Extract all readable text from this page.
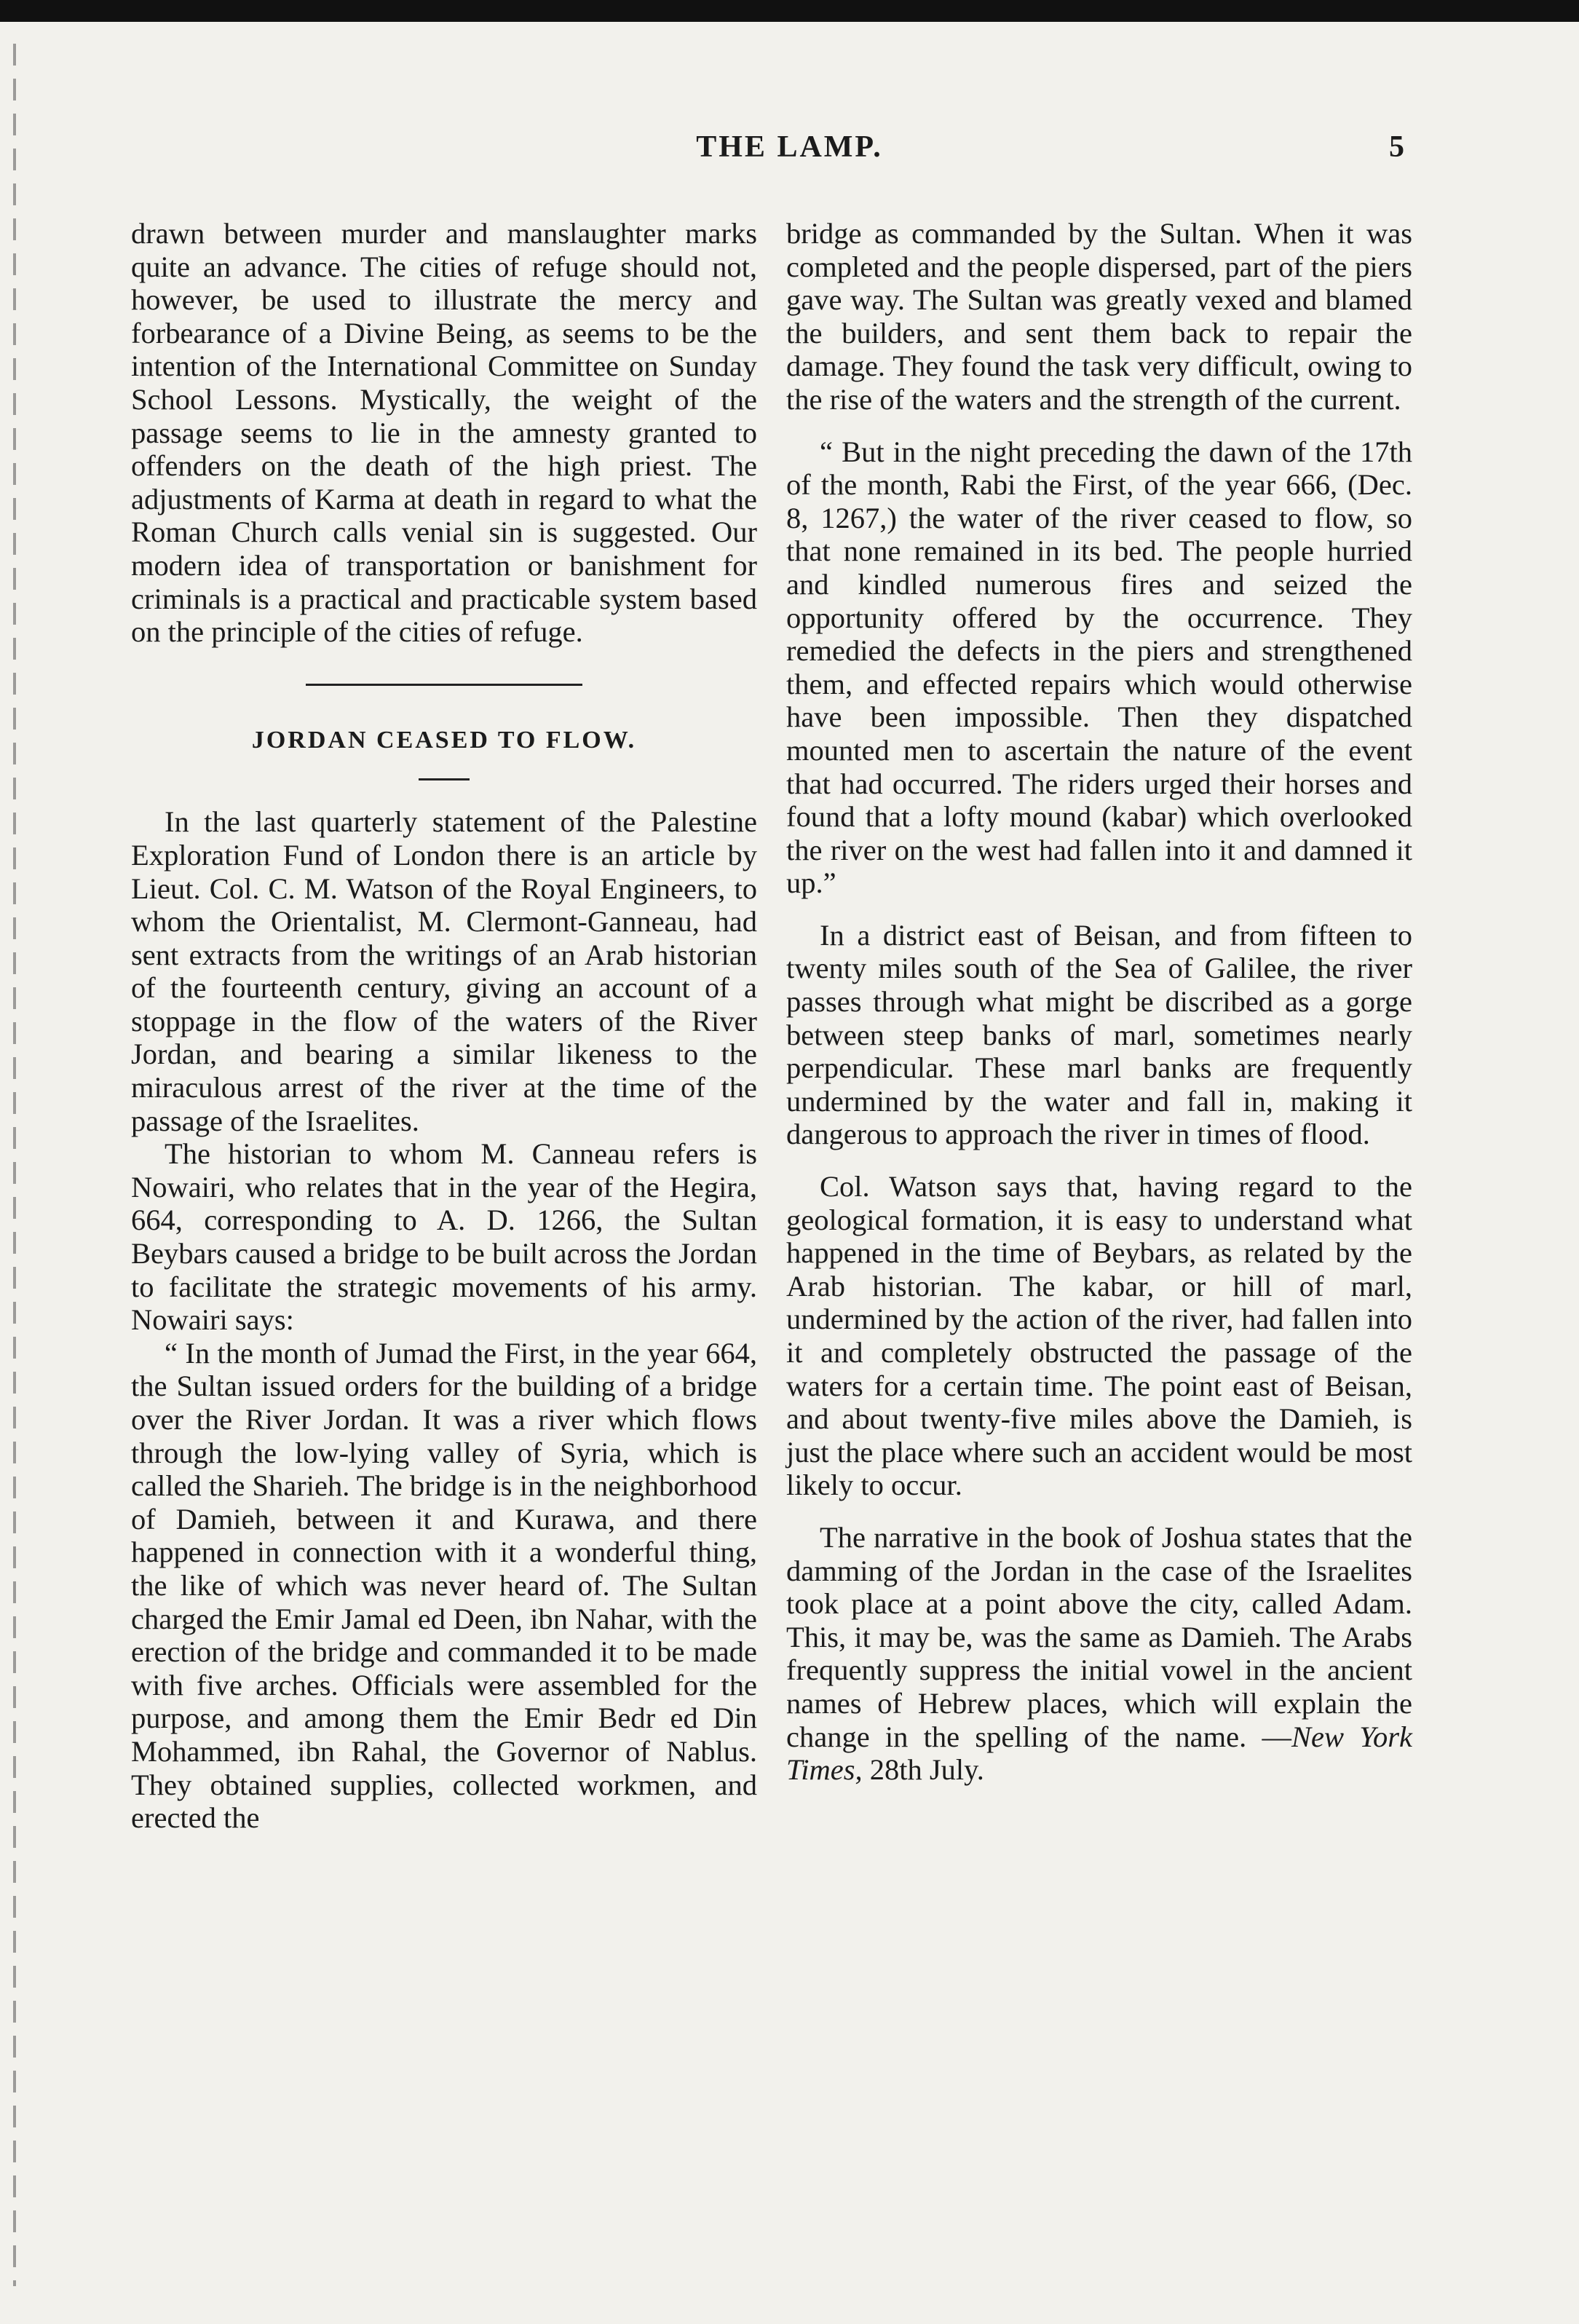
THE LAMP.	5

drawn between murder and manslaughter marks quite an advance. The cities of refuge should not, however, be used to illustrate the mercy and forbearance of a Divine Being, as seems to be the intention of the International Committee on Sunday School Lessons. Mystically, the weight of the passage seems to lie in the amnesty granted to offenders on the death of the high priest. The adjustments of Karma at death in regard to what the Roman Church calls venial sin is suggested. Our modern idea of transportation or banishment for criminals is a practical and practicable system based on the principle of the cities of refuge.

JORDAN CEASED TO FLOW.

In the last quarterly statement of the Palestine Exploration Fund of London there is an article by Lieut. Col. C. M. Watson of the Royal Engineers, to whom the Orientalist, M. Clermont-Ganneau, had sent extracts from the writings of an Arab historian of the fourteenth century, giving an account of a stoppage in the flow of the waters of the River Jordan, and bearing a similar likeness to the miraculous arrest of the river at the time of the passage of the Israelites.

The historian to whom M. Canneau refers is Nowairi, who relates that in the year of the Hegira, 664, corresponding to A. D. 1266, the Sultan Beybars caused a bridge to be built across the Jordan to facilitate the strategic movements of his army. Nowairi says:

“ In the month of Jumad the First, in the year 664, the Sultan issued orders for the building of a bridge over the River Jordan. It was a river which flows through the low-lying valley of Syria, which is called the Sharieh. The bridge is in the neighborhood of Damieh, between it and Kurawa, and there happened in connection with it a wonderful thing, the like of which was never heard of. The Sultan charged the Emir Jamal ed Deen, ibn Nahar, with the erection of the bridge and commanded it to be made with five arches. Officials were assembled for the purpose, and among them the Emir Bedr ed Din Mohammed, ibn Rahal, the Governor of Nablus. They obtained supplies, collected workmen, and erected the

bridge as commanded by the Sultan. When it was completed and the people dispersed, part of the piers gave way. The Sultan was greatly vexed and blamed the builders, and sent them back to repair the damage. They found the task very difficult, owing to the rise of the waters and the strength of the current.

“ But in the night preceding the dawn of the 17th of the month, Rabi the First, of the year 666, (Dec. 8, 1267,) the water of the river ceased to flow, so that none remained in its bed. The people hurried and kindled numerous fires and seized the opportunity offered by the occurrence. They remedied the defects in the piers and strengthened them, and effected repairs which would otherwise have been impossible. Then they dispatched mounted men to ascertain the nature of the event that had occurred. The riders urged their horses and found that a lofty mound (kabar) which overlooked the river on the west had fallen into it and damned it up.”

In a district east of Beisan, and from fifteen to twenty miles south of the Sea of Galilee, the river passes through what might be discribed as a gorge between steep banks of marl, sometimes nearly perpendicular. These marl banks are frequently undermined by the water and fall in, making it dangerous to approach the river in times of flood.

Col. Watson says that, having regard to the geological formation, it is easy to understand what happened in the time of Beybars, as related by the Arab historian. The kabar, or hill of marl, undermined by the action of the river, had fallen into it and completely obstructed the passage of the waters for a certain time. The point east of Beisan, and about twenty-five miles above the Damieh, is just the place where such an accident would be most likely to occur.

The narrative in the book of Joshua states that the damming of the Jordan in the case of the Israelites took place at a point above the city, called Adam. This, it may be, was the same as Damieh. The Arabs frequently suppress the initial vowel in the ancient names of Hebrew places, which will explain the change in the spelling of the name. —New York Times, 28th July.
